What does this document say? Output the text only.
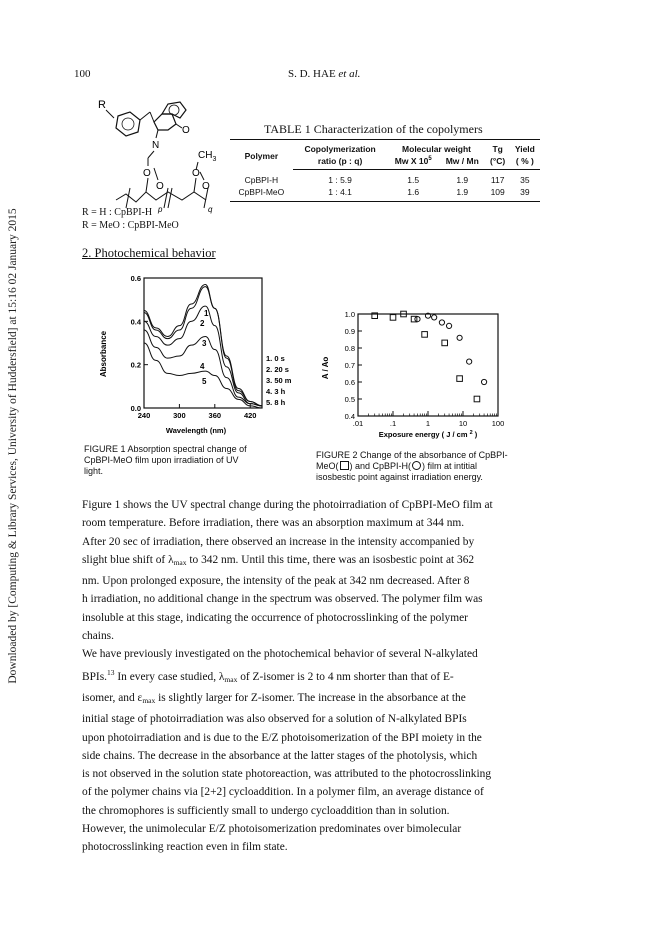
Downloaded by [Computing & Library Services, University of Huddersfield] at 15:16 02 January 2015
100	S. D. HAE et al.
R
O
N
O
O
$CH_3$
O
O
p	q
R = H : CpBPI-H
R = MeO : CpBPI-MeO
TABLE 1 Characterization of the copolymers
Polymer	Copolymerization	Molecular weight		Tg	Yield
	ratio (p : q)	Mw X $10^5$	Mw / Mn	(°C)	( % )
CpBPI-H	1 : 5.9	1.5	1.9	117	35
CpBPI-MeO	1 : 4.1	1.6	1.9	109	39
2. Photochemical behavior
0.6
0.4
0.2
0.0
240	300	360	420
Absorbance
Wavelength (nm)
1
2
3
4
5
1. 0 s
2. 20 s
3. 50 m
4. 3 h
5. 8 h
FIGURE 1 Absorption spectral change of
CpBPI-MeO film upon irradiation of UV
light.
1.0
0.9
0.8
0.7
0.6
0.5
0.4
.01	.1	1	10	100
A / Ao
Exposure energy ( J / cm $^2$ )
FIGURE 2 Change of the absorbance of CpBPI-
MeO( ) and CpBPI-H( ) film at intitial
isosbestic point against irradiation energy.

Figure 1 shows the UV spectral change during the photoirradiation of CpBPI-MeO film at
room temperature. Before irradiation, there was an absorption maximum at 344 nm.
After 20 sec of irradiation, there observed an increase in the intensity accompanied by
slight blue shift of $\lambda_{max}$ to 342 nm. Until this time, there was an isosbestic point at 362
nm. Upon prolonged exposure, the intensity of the peak at 342 nm decreased. After 8
h irradiation, no additional change in the spectrum was observed. The polymer film was
insoluble at this stage, indicating the occurrence of photocrosslinking of the polymer
chains.

We have previously investigated on the photochemical behavior of several N-alkylated
BPIs.$^{13}$ In every case studied, $\lambda_{max}$ of Z-isomer is 2 to 4 nm shorter than that of E-
isomer, and $\varepsilon_{max}$ is slightly larger for Z-isomer. The increase in the absorbance at the
initial stage of photoirradiation was also observed for a solution of N-alkylated BPIs
upon photoirradiation and is due to the E/Z photoisomerization of the BPI moiety in the
side chains. The decrease in the absorbance at the latter stages of the photolysis, which
is not observed in the solution state photoreaction, was attributed to the photocrosslinking
of the polymer chains via [2+2] cycloaddition. In a polymer film, an average distance of
the chromophores is sufficiently small to undergo cycloaddition than in solution.
However, the unimolecular E/Z photoisomerization predominates over bimolecular
photocrosslinking reaction even in film state.
